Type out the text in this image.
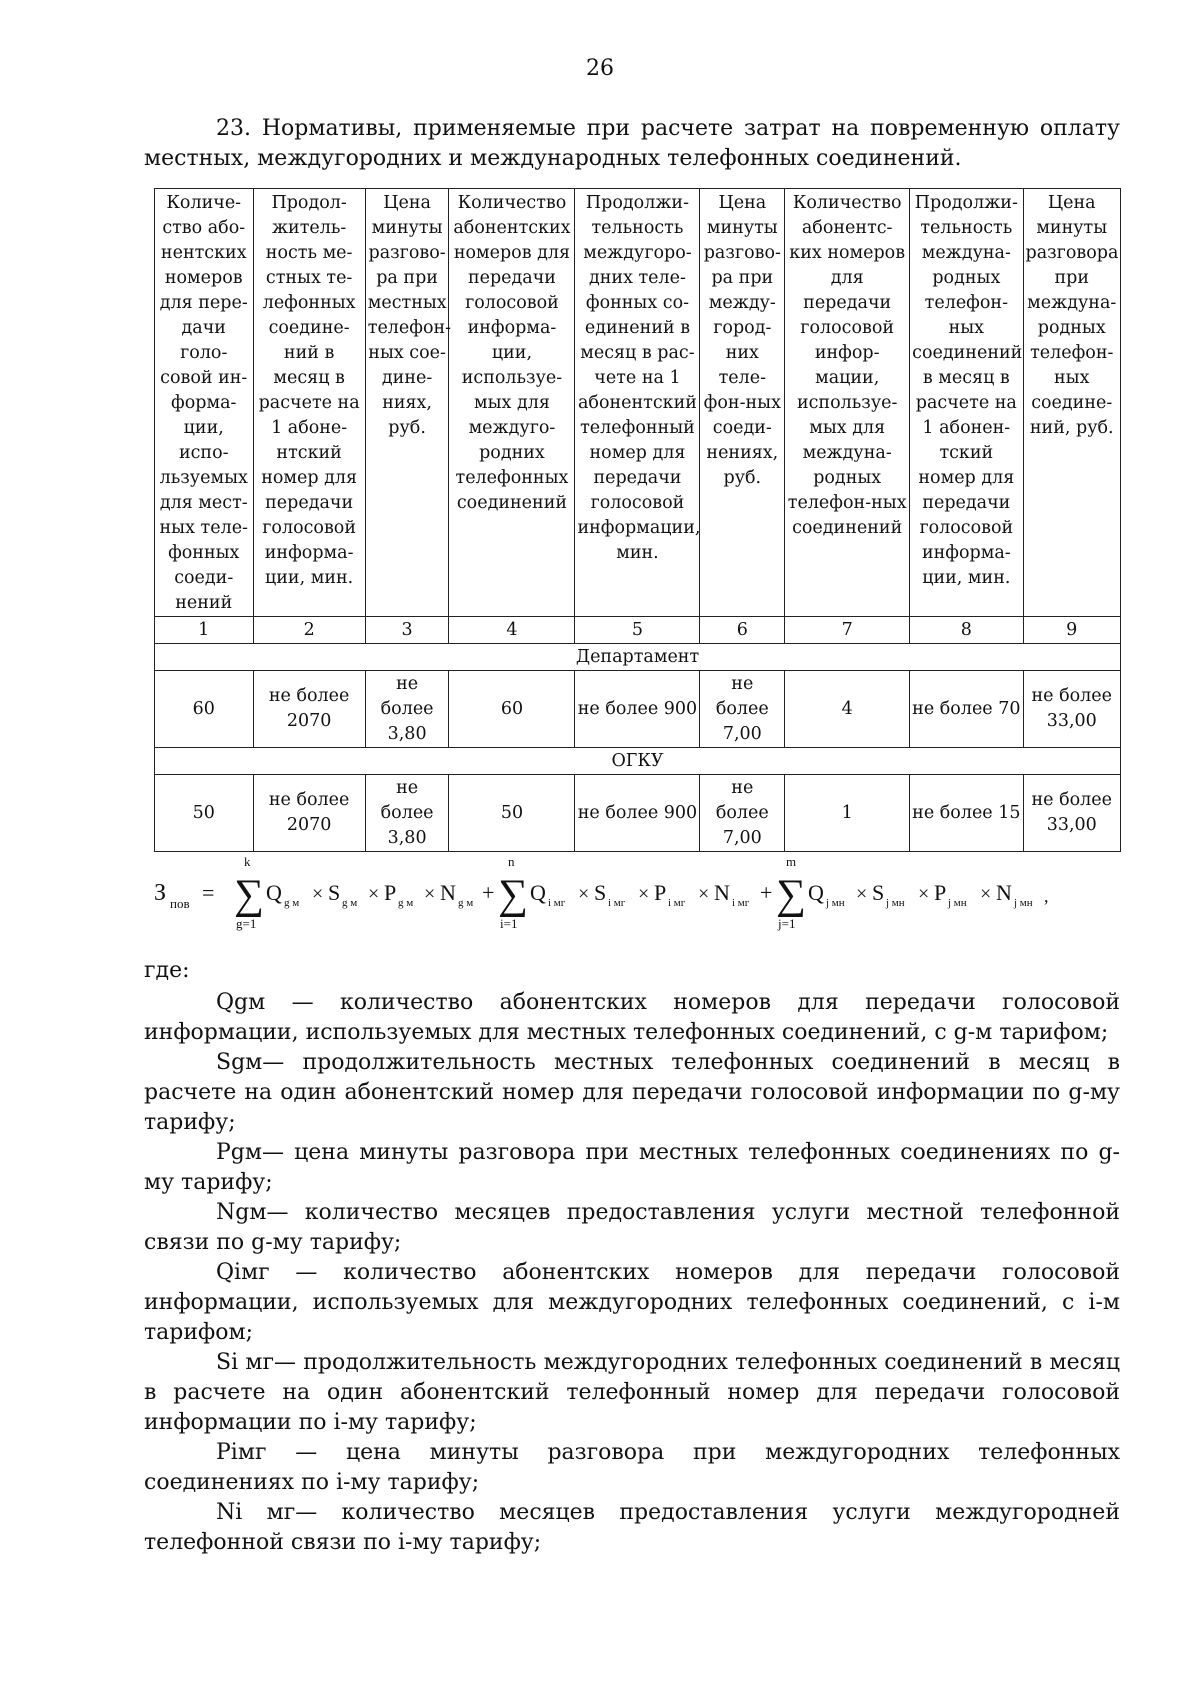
26
23. Нормативы, применяемые при расчете затрат на повременную оплату местных, междугородних и международных телефонных соединений.
Количе-ство або-нентских номеров для пере-дачи голо-совой ин-форма-ции, испо-льзуемых для мест-ных теле-фонных соеди-нений	Продол-житель-ность ме-стных те-лефонных соедине-ний в месяц в расчете на 1 абоне-нтский номер для передачи голосовой информа-ции, мин.	Цена минуты разгово-ра при местных телефон-ных сое-дине-ниях, руб.	Количество абонентских номеров для передачи голосовой информа-ции, используе-мых для междуго-родних телефонных соединений	Продолжи-тельность междугоро-дних теле-фонных со-единений в месяц в рас-чете на 1 абонентский телефонный номер для передачи голосовой информации, мин.	Цена минуты разгово-ра при между-город-них теле-фон-ных соеди-нениях, руб.	Количество абонентс-ких номеров для передачи голосовой инфор-мации, используе-мых для междуна-родных телефон-ных соединений	Продолжи-тельность междуна-родных телефон-ных соединений в месяц в расчете на 1 абонен-тский номер для передачи голосовой информа-ции, мин.	Цена минуты разговора при междуна-родных телефон-ных соедине-ний, руб.
1	2	3	4	5	6	7	8	9
Департамент								
60	не более 2070	не более 3,80	60	не более 900	не более 7,00	4	не более 70	не более 33,00
ОГКУ								
50	не более 2070	не более 3,80	50	не более 900	не более 7,00	1	не более 15	не более 33,00
З пов = ∑
k
g=1
Q g м × S g м × P g м × N g м + ∑
n
i=1
Q i мг × S i мг × P i мг × N i мг + ∑
m
j=1
Q j мн × S j мн × P j мн × N j мн ,

где:

Qgм — количество абонентских номеров для передачи голосовой информации, используемых для местных телефонных соединений, с g-м тарифом;

Sgм— продолжительность местных телефонных соединений в месяц в расчете на один абонентский номер для передачи голосовой информации по g-му тарифу;

Pgм— цена минуты разговора при местных телефонных соединениях по g-му тарифу;

Ngм— количество месяцев предоставления услуги местной телефонной связи по g-му тарифу;

Qiмг — количество абонентских номеров для передачи голосовой информации, используемых для междугородних телефонных соединений, с i-м тарифом;

Si мг— продолжительность междугородних телефонных соединений в месяц в расчете на один абонентский телефонный номер для передачи голосовой информации по i-му тарифу;

Piмг — цена минуты разговора при междугородних телефонных соединениях по i-му тарифу;

Ni мг— количество месяцев предоставления услуги междугородней телефонной связи по i-му тарифу;
